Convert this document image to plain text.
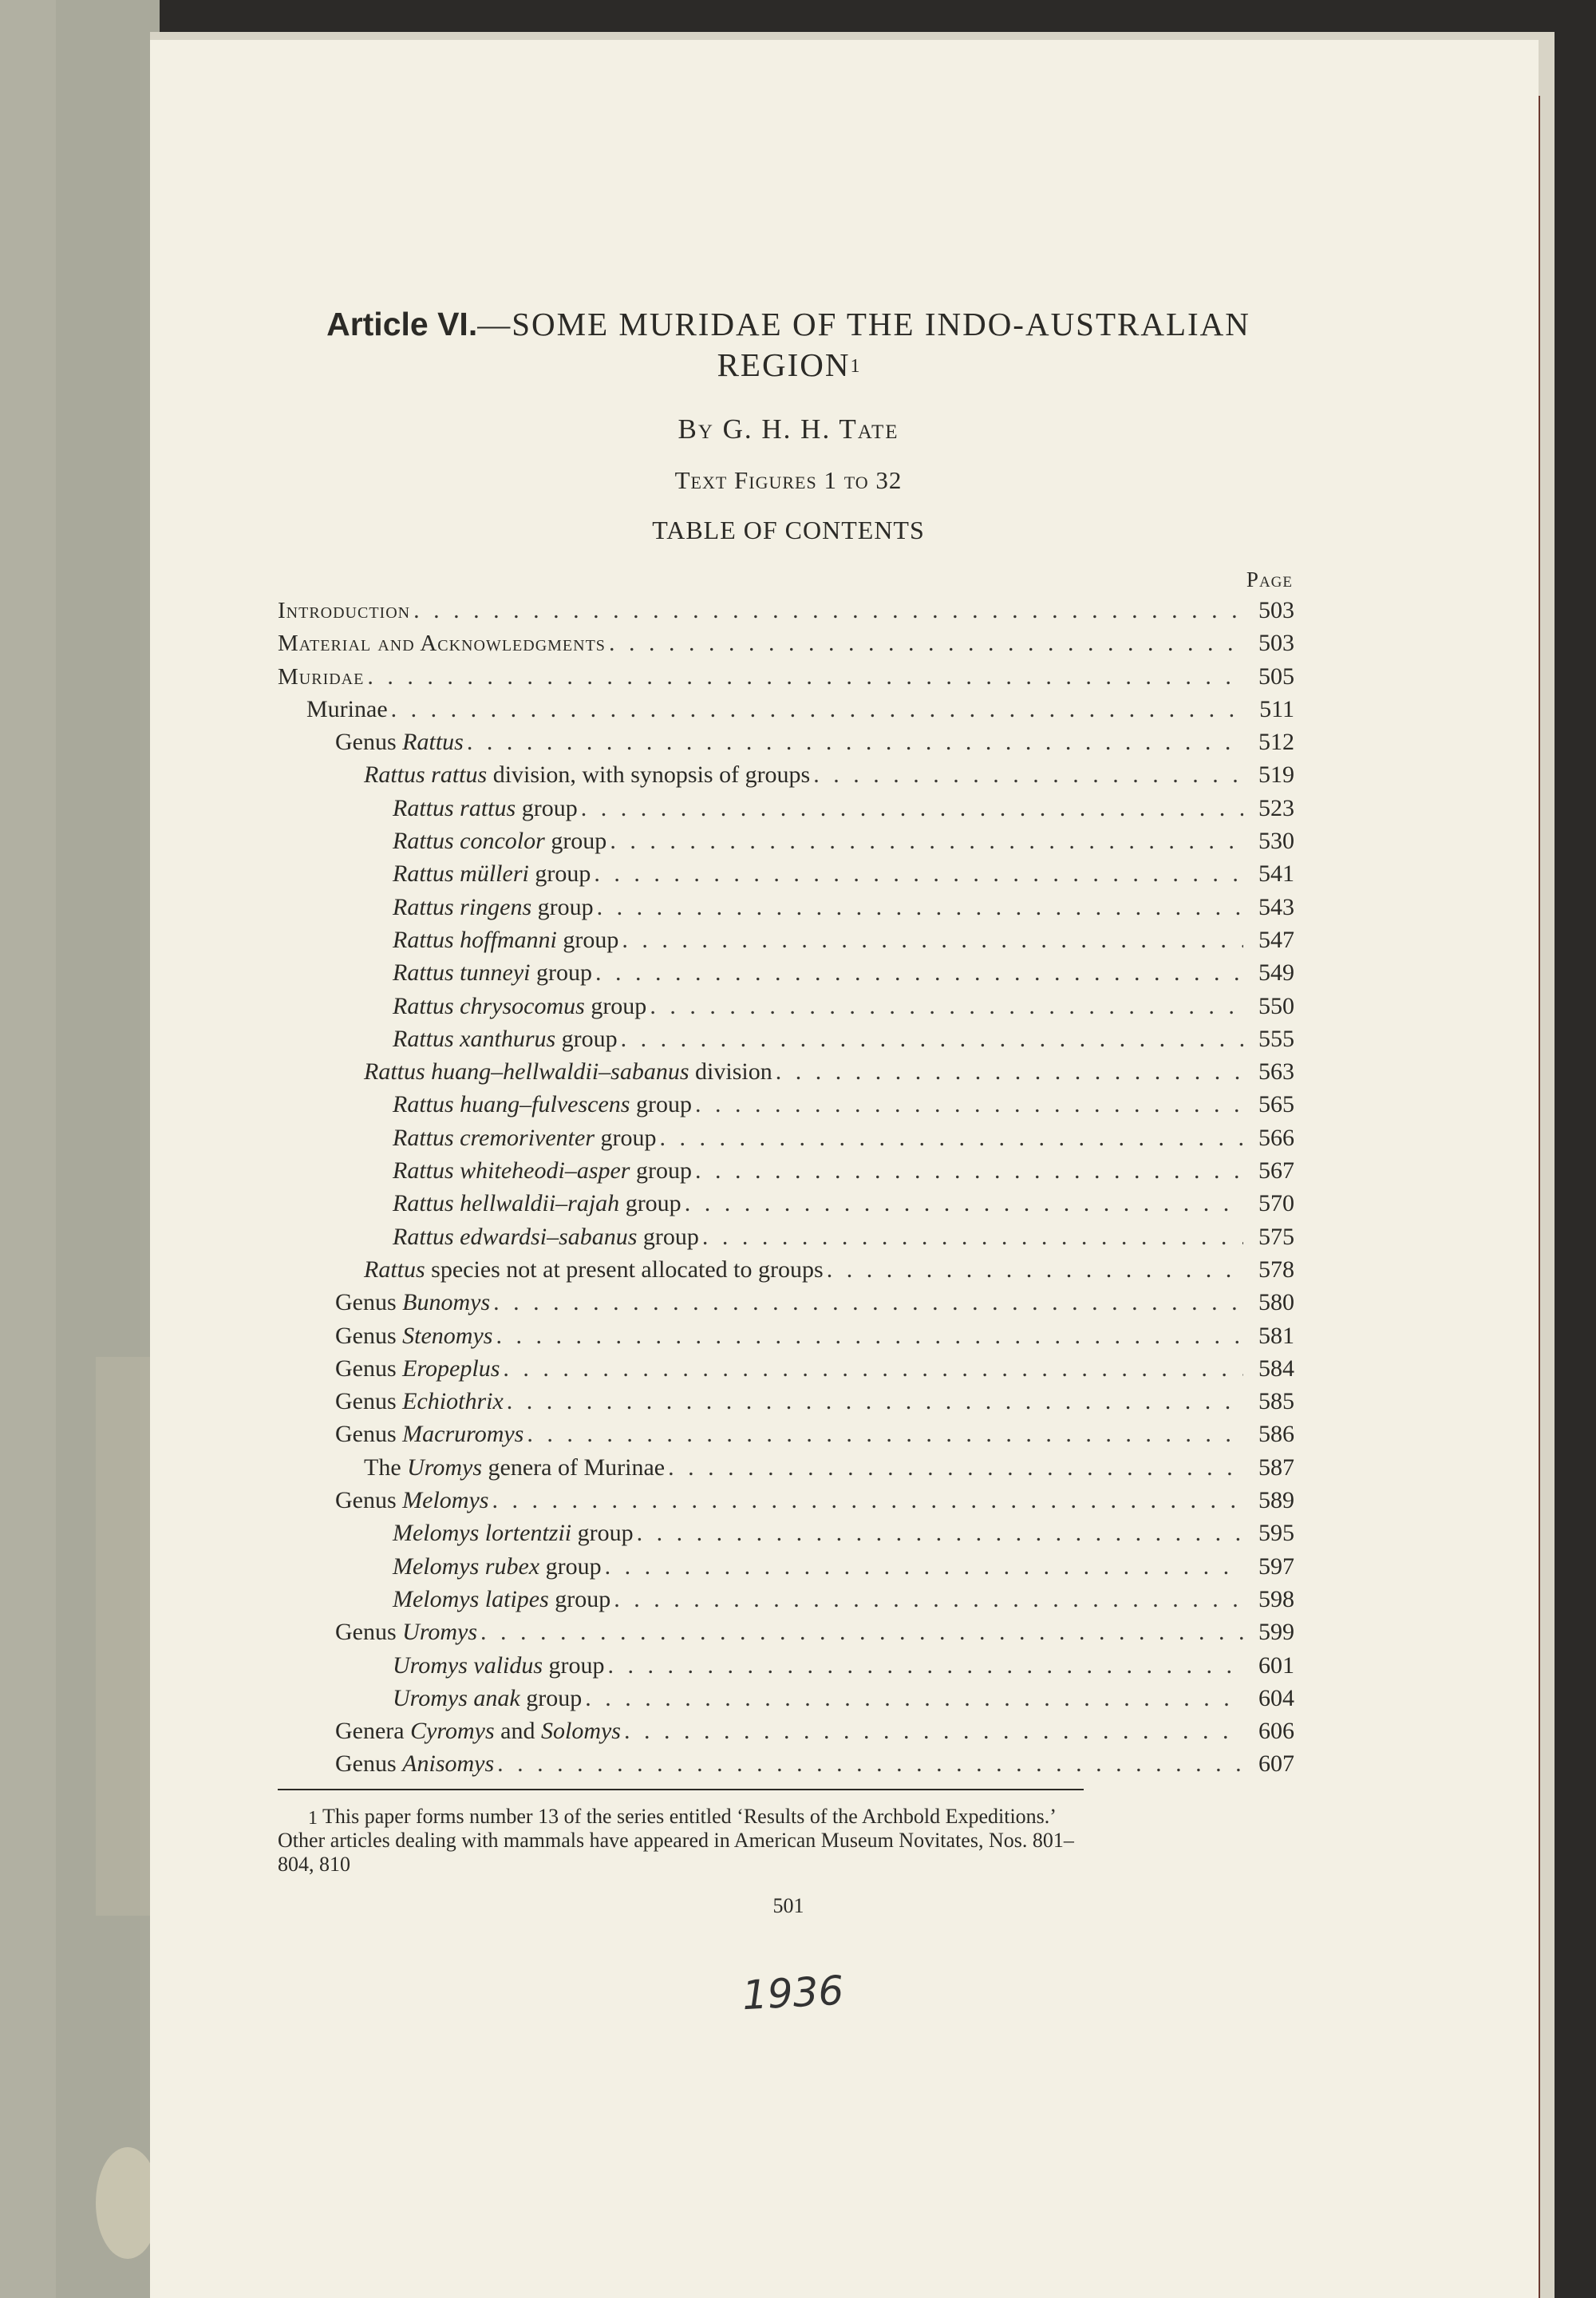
Article VI.—SOME MURIDAE OF THE INDO-AUSTRALIAN
REGION$^1$
By G. H. H. Tate
Text Figures 1 to 32
TABLE OF CONTENTS
Page
Introduction . . .	503
Material and Acknowledgments . . .	503
Muridae . . .	505
Murinae . . .	511
Genus Rattus . . .	512
Rattus rattus division, with synopsis of groups . . .	519
Rattus rattus group . . .	523
Rattus concolor group . . .	530
Rattus mülleri group . . .	541
Rattus ringens group . . .	543
Rattus hoffmanni group . . .	547
Rattus tunneyi group . . .	549
Rattus chrysocomus group . . .	550
Rattus xanthurus group . . .	555
Rattus huang–hellwaldii–sabanus division . . .	563
Rattus huang–fulvescens group . . .	565
Rattus cremoriventer group . . .	566
Rattus whiteheodi–asper group . . .	567
Rattus hellwaldii–rajah group . . .	570
Rattus edwardsi–sabanus group . . .	575
Rattus species not at present allocated to groups . . .	578
Genus Bunomys . . .	580
Genus Stenomys . . .	581
Genus Eropeplus . . .	584
Genus Echiothrix . . .	585
Genus Macruromys . . .	586
The Uromys genera of Murinae . . .	587
Genus Melomys . . .	589
Melomys lortentzii group . . .	595
Melomys rubex group . . .	597
Melomys latipes group . . .	598
Genus Uromys . . .	599
Uromys validus group . . .	601
Uromys anak group . . .	604
Genera Cyromys and Solomys . . .	606
Genus Anisomys . . .	607
$^1$ This paper forms number 13 of the series entitled ‘Results of the Archbold Expeditions.’
Other articles dealing with mammals have appeared in American Museum Novitates, Nos. 801–
804, 810
501
1936
